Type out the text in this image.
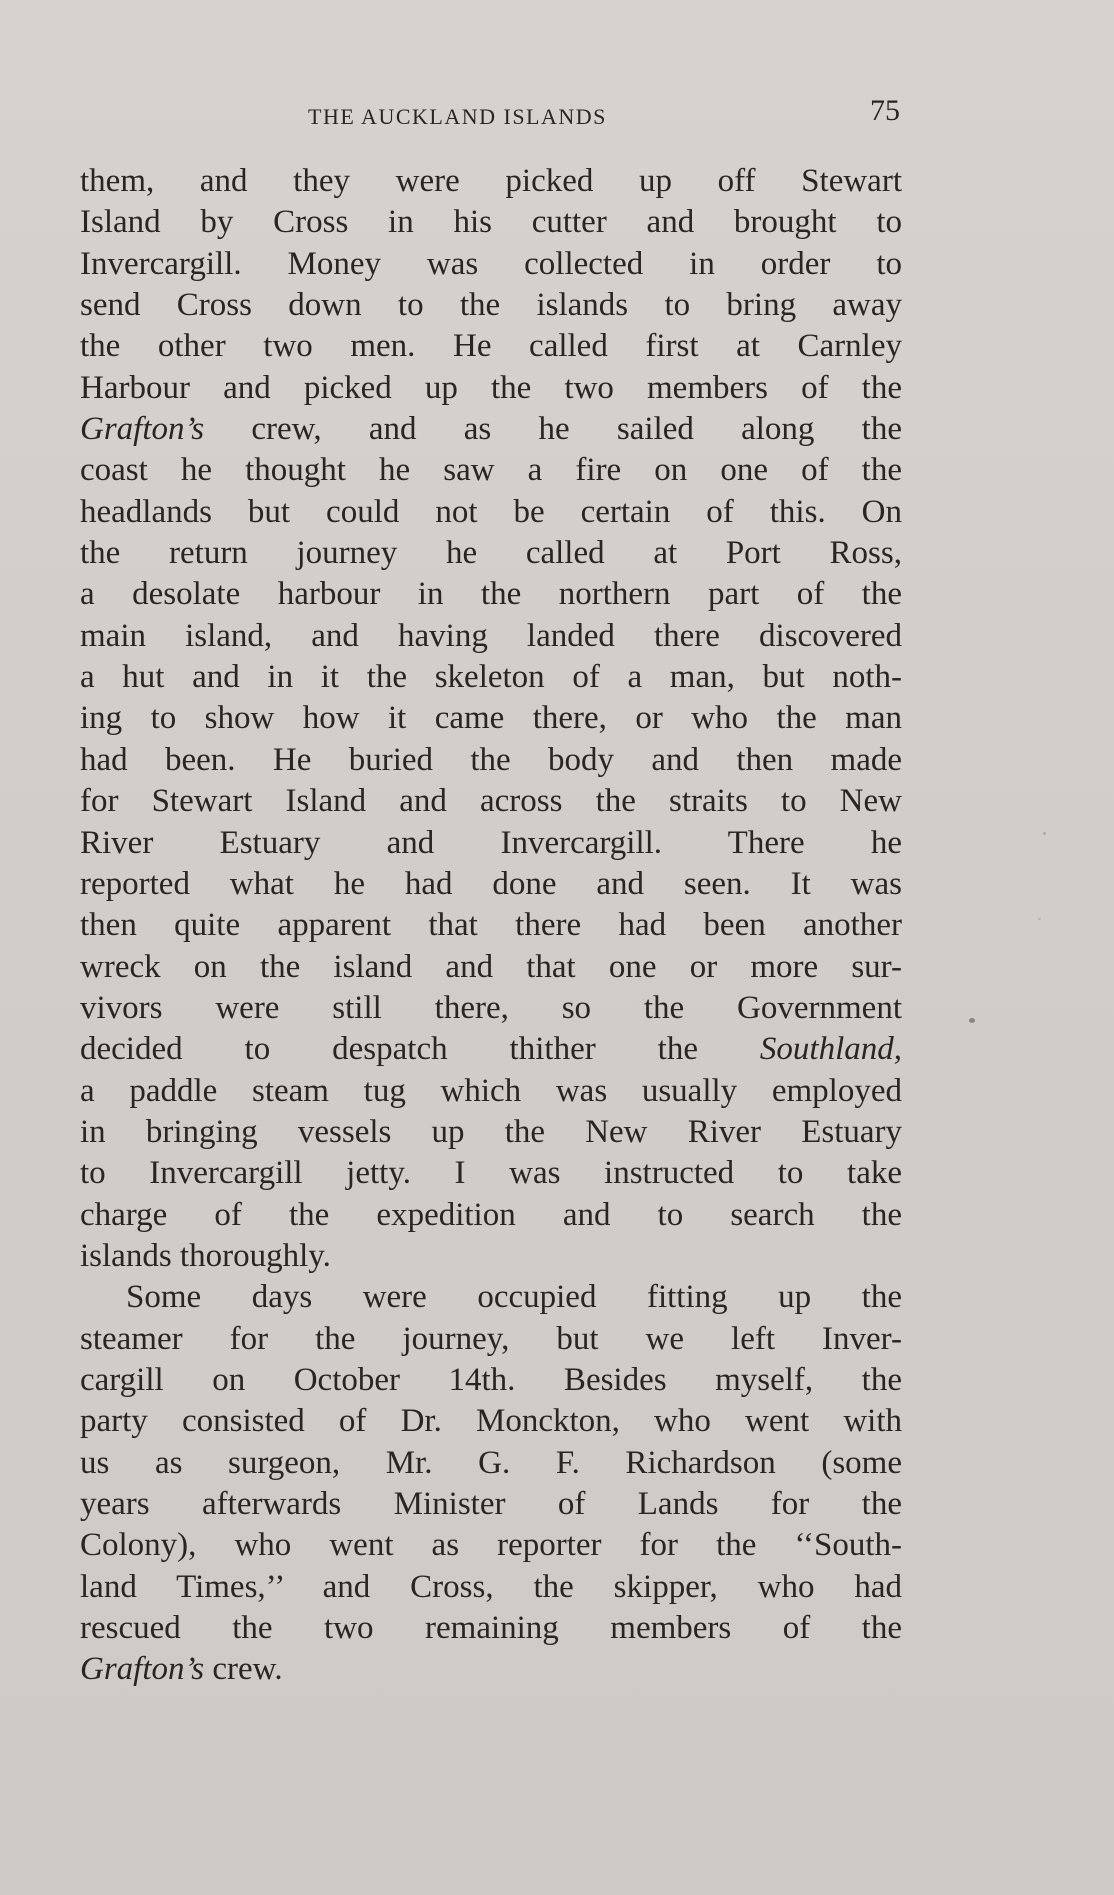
THE AUCKLAND ISLANDS	75
them, and they were picked up off Stewart
Island by Cross in his cutter and brought to
Invercargill. Money was collected in order to
send Cross down to the islands to bring away
the other two men. He called first at Carnley
Harbour and picked up the two members of the
Grafton’s crew, and as he sailed along the
coast he thought he saw a fire on one of the
headlands but could not be certain of this. On
the return journey he called at Port Ross,
a desolate harbour in the northern part of the
main island, and having landed there discovered
a hut and in it the skeleton of a man, but noth-
ing to show how it came there, or who the man
had been. He buried the body and then made
for Stewart Island and across the straits to New
River Estuary and Invercargill. There he
reported what he had done and seen. It was
then quite apparent that there had been another
wreck on the island and that one or more sur-
vivors were still there, so the Government
decided to despatch thither the Southland,
a paddle steam tug which was usually employed
in bringing vessels up the New River Estuary
to Invercargill jetty. I was instructed to take
charge of the expedition and to search the
islands thoroughly.
Some days were occupied fitting up the
steamer for the journey, but we left Inver-
cargill on October 14th. Besides myself, the
party consisted of Dr. Monckton, who went with
us as surgeon, Mr. G. F. Richardson (some
years afterwards Minister of Lands for the
Colony), who went as reporter for the ‘‘South-
land Times,’’ and Cross, the skipper, who had
rescued the two remaining members of the
Grafton’s crew.
